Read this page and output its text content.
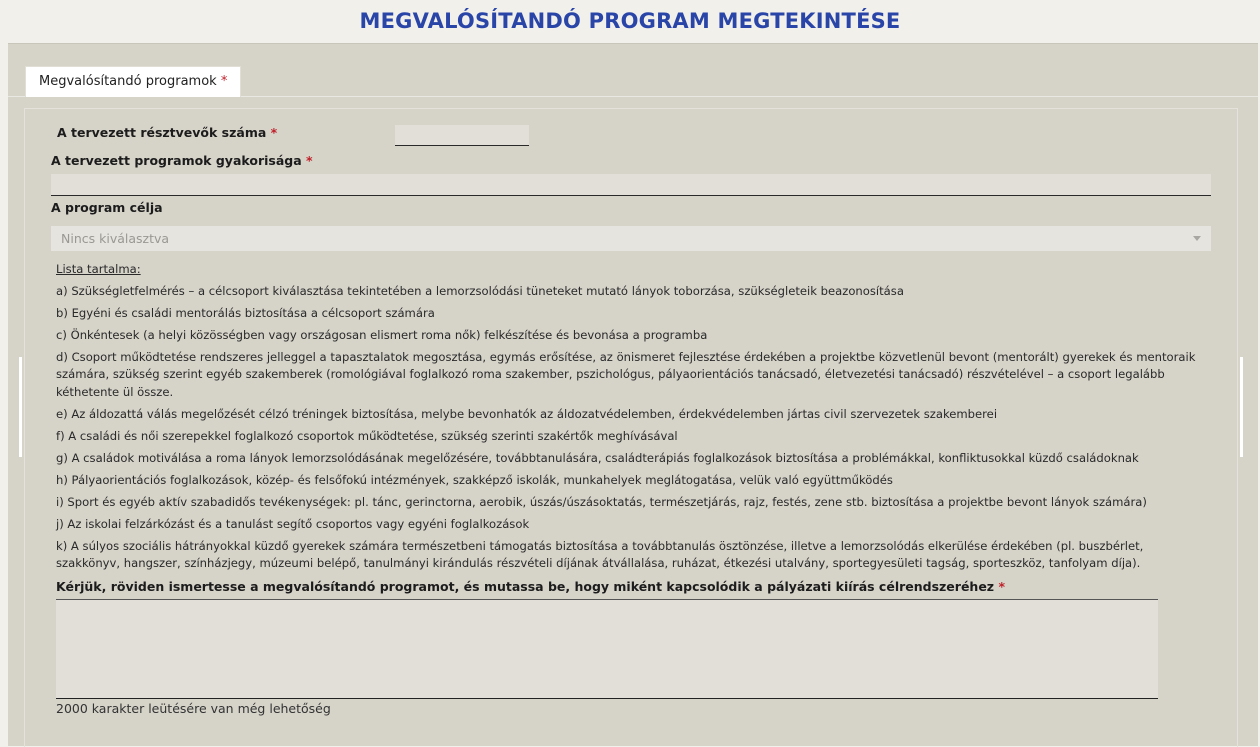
MEGVALÓSÍTANDÓ PROGRAM MEGTEKINTÉSE
Megvalósítandó programok *
A tervezett résztvevők száma *
A tervezett programok gyakorisága *
A program célja
Nincs kiválasztva

Lista tartalma:

a) Szükségletfelmérés – a célcsoport kiválasztása tekintetében a lemorzsolódási tüneteket mutató lányok toborzása, szükségleteik beazonosítása

b) Egyéni és családi mentorálás biztosítása a célcsoport számára

c) Önkéntesek (a helyi közösségben vagy országosan elismert roma nők) felkészítése és bevonása a programba

d) Csoport működtetése rendszeres jelleggel a tapasztalatok megosztása, egymás erősítése, az önismeret fejlesztése érdekében a projektbe közvetlenül bevont (mentorált) gyerekek és mentoraik számára, szükség szerint egyéb szakemberek (romológiával foglalkozó roma szakember, pszichológus, pályaorientációs tanácsadó, életvezetési tanácsadó) részvételével – a csoport legalább kéthetente ül össze.

e) Az áldozattá válás megelőzését célzó tréningek biztosítása, melybe bevonhatók az áldozatvédelemben, érdekvédelemben jártas civil szervezetek szakemberei

f) A családi és női szerepekkel foglalkozó csoportok működtetése, szükség szerinti szakértők meghívásával

g) A családok motiválása a roma lányok lemorzsolódásának megelőzésére, továbbtanulására, családterápiás foglalkozások biztosítása a problémákkal, konfliktusokkal küzdő családoknak

h) Pályaorientációs foglalkozások, közép- és felsőfokú intézmények, szakképző iskolák, munkahelyek meglátogatása, velük való együttműködés

i) Sport és egyéb aktív szabadidős tevékenységek: pl. tánc, gerinctorna, aerobik, úszás/úszásoktatás, természetjárás, rajz, festés, zene stb. biztosítása a projektbe bevont lányok számára)

j) Az iskolai felzárkózást és a tanulást segítő csoportos vagy egyéni foglalkozások

k) A súlyos szociális hátrányokkal küzdő gyerekek számára természetbeni támogatás biztosítása a továbbtanulás ösztönzése, illetve a lemorzsolódás elkerülése érdekében (pl. buszbérlet, szakkönyv, hangszer, színházjegy, múzeumi belépő, tanulmányi kirándulás részvételi díjának átvállalása, ruházat, étkezési utalvány, sportegyesületi tagság, sporteszköz, tanfolyam díja).

Kérjük, röviden ismertesse a megvalósítandó programot, és mutassa be, hogy miként kapcsolódik a pályázati kiírás célrendszeréhez *
2000 karakter leütésére van még lehetőség
